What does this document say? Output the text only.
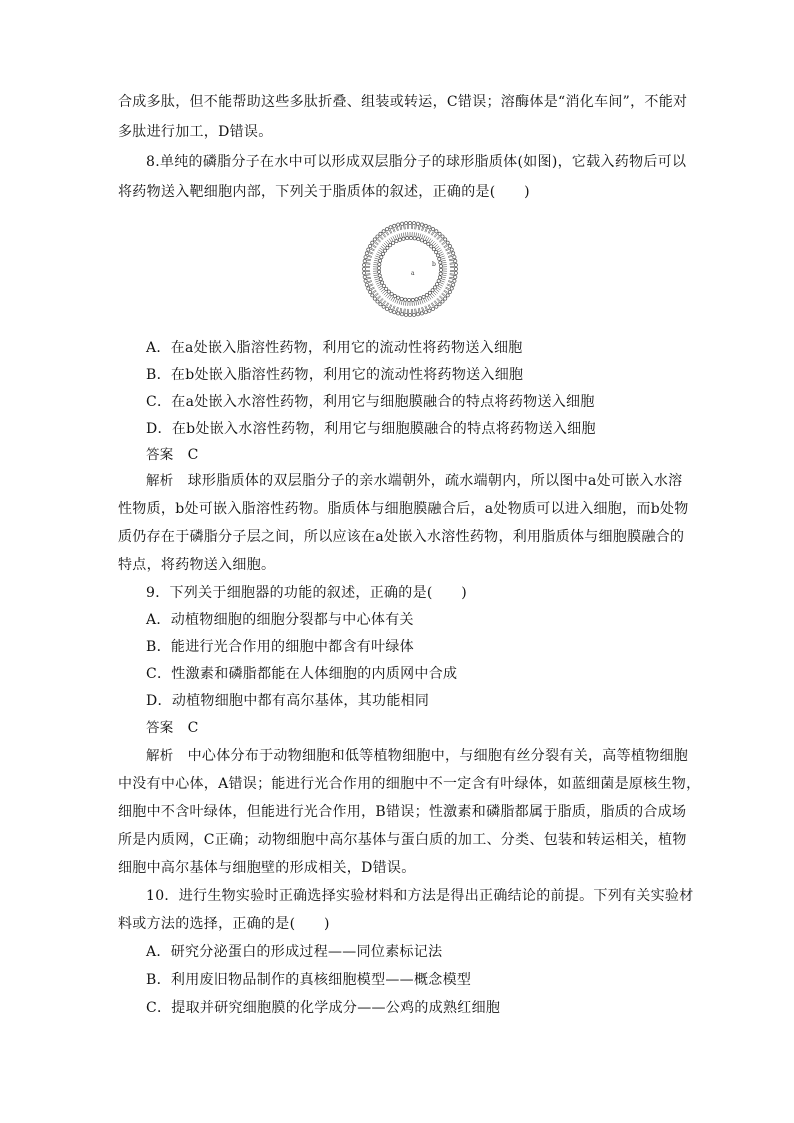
合成多肽，但不能帮助这些多肽折叠、组装或转运，C错误；溶酶体是“消化车间”，不能对
多肽进行加工，D错误。
8.单纯的磷脂分子在水中可以形成双层脂分子的球形脂质体(如图)，它载入药物后可以
将药物送入靶细胞内部，下列关于脂质体的叙述，正确的是(　　)
a
b
A．在a处嵌入脂溶性药物，利用它的流动性将药物送入细胞
B．在b处嵌入脂溶性药物，利用它的流动性将药物送入细胞
C．在a处嵌入水溶性药物，利用它与细胞膜融合的特点将药物送入细胞
D．在b处嵌入水溶性药物，利用它与细胞膜融合的特点将药物送入细胞
答案 C
解析 球形脂质体的双层脂分子的亲水端朝外，疏水端朝内，所以图中a处可嵌入水溶
性物质，b处可嵌入脂溶性药物。脂质体与细胞膜融合后，a处物质可以进入细胞，而b处物
质仍存在于磷脂分子层之间，所以应该在a处嵌入水溶性药物，利用脂质体与细胞膜融合的
特点，将药物送入细胞。
9．下列关于细胞器的功能的叙述，正确的是(　　)
A．动植物细胞的细胞分裂都与中心体有关
B．能进行光合作用的细胞中都含有叶绿体
C．性激素和磷脂都能在人体细胞的内质网中合成
D．动植物细胞中都有高尔基体，其功能相同
答案 C
解析 中心体分布于动物细胞和低等植物细胞中，与细胞有丝分裂有关，高等植物细胞
中没有中心体，A错误；能进行光合作用的细胞中不一定含有叶绿体，如蓝细菌是原核生物，
细胞中不含叶绿体，但能进行光合作用，B错误；性激素和磷脂都属于脂质，脂质的合成场
所是内质网，C正确；动物细胞中高尔基体与蛋白质的加工、分类、包装和转运相关，植物
细胞中高尔基体与细胞壁的形成相关，D错误。
10．进行生物实验时正确选择实验材料和方法是得出正确结论的前提。下列有关实验材
料或方法的选择，正确的是(　　)
A．研究分泌蛋白的形成过程——同位素标记法
B．利用废旧物品制作的真核细胞模型——概念模型
C．提取并研究细胞膜的化学成分——公鸡的成熟红细胞
